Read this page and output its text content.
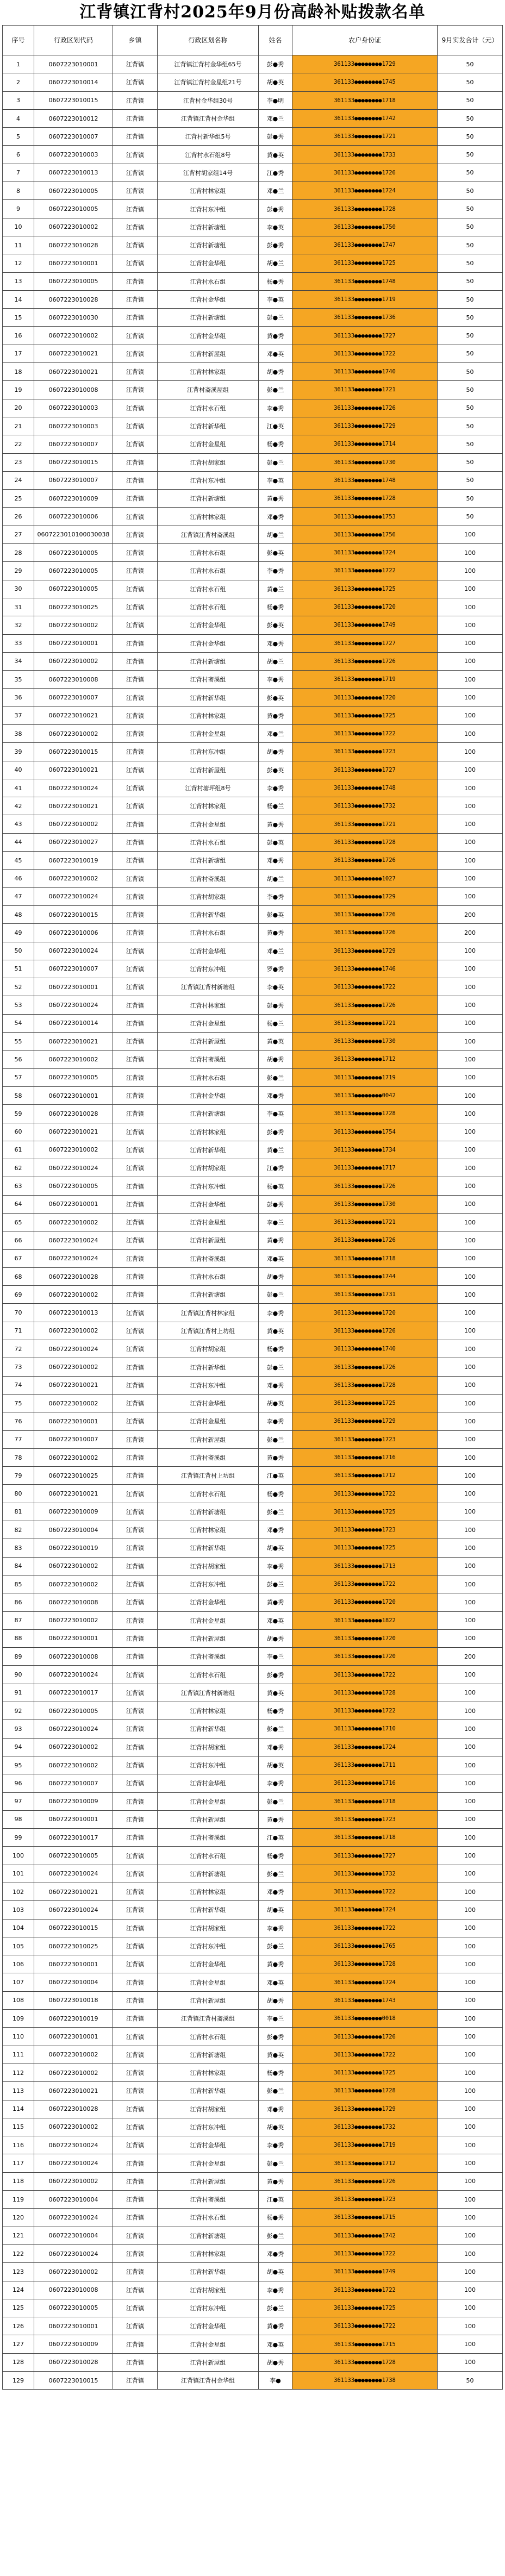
江背镇江背村2025年9月份高龄补贴拨款名单
序号	行政区划代码	乡镇	行政区划名称	姓名	农户身份证	9月实发合计（元）
1	0607223010001	江背镇	江背镇江背村金华组65号	彭●秀	361133●●●●●●●●1729	50
2	0607223010014	江背镇	江背镇江背村金星组21号	胡●英	361133●●●●●●●●1745	50
3	0607223010015	江背镇	江背村金华组30号	李●明	361133●●●●●●●●1718	50
4	0607223010012	江背镇	江背镇江背村金华组	邓●兰	361133●●●●●●●●1742	50
5	0607223010007	江背镇	江背村新华组5号	彭●秀	361133●●●●●●●●1721	50
6	0607223010003	江背镇	江背村水石组8号	黄●英	361133●●●●●●●●1733	50
7	0607223010013	江背镇	江背村胡家组14号	江●秀	361133●●●●●●●●1726	50
8	0607223010005	江背镇	江背村林家组	邓●兰	361133●●●●●●●●1724	50
9	0607223010005	江背镇	江背村东冲组	彭●秀	361133●●●●●●●●1728	50
10	0607223010002	江背镇	江背村新塘组	李●英	361133●●●●●●●●1750	50
11	0607223010028	江背镇	江背村新塘组	彭●秀	361133●●●●●●●●1747	50
12	0607223010001	江背镇	江背村金华组	胡●兰	361133●●●●●●●●1725	50
13	0607223010005	江背镇	江背村水石组	杨●秀	361133●●●●●●●●1748	50
14	0607223010028	江背镇	江背村金华组	李●英	361133●●●●●●●●1719	50
15	0607223010030	江背镇	江背村新塘组	彭●兰	361133●●●●●●●●1736	50
16	0607223010002	江背镇	江背村金华组	黄●秀	361133●●●●●●●●1727	50
17	0607223010021	江背镇	江背村新屋组	邓●英	361133●●●●●●●●1722	50
18	0607223010021	江背镇	江背村林家组	胡●秀	361133●●●●●●●●1740	50
19	0607223010008	江背镇	江背村斋溪屋组	彭●兰	361133●●●●●●●●1721	50
20	0607223010003	江背镇	江背村水石组	李●秀	361133●●●●●●●●1726	50
21	0607223010003	江背镇	江背村新华组	江●英	361133●●●●●●●●1729	50
22	0607223010007	江背镇	江背村金星组	杨●秀	361133●●●●●●●●1714	50
23	0607223010015	江背镇	江背村胡家组	彭●兰	361133●●●●●●●●1730	50
24	0607223010007	江背镇	江背村东冲组	李●英	361133●●●●●●●●1748	50
25	0607223010009	江背镇	江背村新塘组	黄●秀	361133●●●●●●●●1728	50
26	0607223010006	江背镇	江背村林家组	邓●秀	361133●●●●●●●●1753	50
27	0607223010100030038	江背镇	江背镇江背村斋溪组	胡●兰	361133●●●●●●●●1756	100
28	0607223010005	江背镇	江背村水石组	彭●英	361133●●●●●●●●1724	100
29	0607223010005	江背镇	江背村水石组	李●秀	361133●●●●●●●●1722	100
30	0607223010005	江背镇	江背村水石组	黄●兰	361133●●●●●●●●1725	100
31	0607223010025	江背镇	江背村水石组	杨●秀	361133●●●●●●●●1720	100
32	0607223010002	江背镇	江背村金华组	彭●英	361133●●●●●●●●1749	100
33	0607223010001	江背镇	江背村金华组	邓●秀	361133●●●●●●●●1727	100
34	0607223010002	江背镇	江背村新塘组	胡●兰	361133●●●●●●●●1726	100
35	0607223010008	江背镇	江背村斋溪组	李●秀	361133●●●●●●●●1719	100
36	0607223010007	江背镇	江背村新华组	彭●英	361133●●●●●●●●1720	100
37	0607223010021	江背镇	江背村林家组	黄●秀	361133●●●●●●●●1725	100
38	0607223010002	江背镇	江背村金星组	邓●兰	361133●●●●●●●●1722	100
39	0607223010015	江背镇	江背村东冲组	胡●秀	361133●●●●●●●●1723	100
40	0607223010021	江背镇	江背村新屋组	彭●英	361133●●●●●●●●1727	100
41	0607223010024	江背镇	江背村塘坪组8号	李●秀	361133●●●●●●●●1748	100
42	0607223010021	江背镇	江背村林家组	杨●兰	361133●●●●●●●●1732	100
43	0607223010002	江背镇	江背村金星组	黄●秀	361133●●●●●●●●1721	100
44	0607223010027	江背镇	江背村水石组	彭●英	361133●●●●●●●●1728	100
45	0607223010019	江背镇	江背村新塘组	邓●秀	361133●●●●●●●●1726	100
46	0607223010002	江背镇	江背村斋溪组	胡●兰	361133●●●●●●●●1027	100
47	0607223010024	江背镇	江背村胡家组	李●秀	361133●●●●●●●●1729	100
48	0607223010015	江背镇	江背村新华组	彭●英	361133●●●●●●●●1726	200
49	0607223010006	江背镇	江背村水石组	黄●秀	361133●●●●●●●●1726	200
50	0607223010024	江背镇	江背村金华组	邓●兰	361133●●●●●●●●1729	100
51	0607223010007	江背镇	江背村东冲组	罗●秀	361133●●●●●●●●1746	100
52	0607223010001	江背镇	江背镇江背村新塘组	李●英	361133●●●●●●●●1722	100
53	0607223010024	江背镇	江背村林家组	彭●秀	361133●●●●●●●●1726	100
54	0607223010014	江背镇	江背村金星组	杨●兰	361133●●●●●●●●1721	100
55	0607223010021	江背镇	江背村新屋组	黄●英	361133●●●●●●●●1730	100
56	0607223010002	江背镇	江背村斋溪组	胡●秀	361133●●●●●●●●1712	100
57	0607223010005	江背镇	江背村水石组	彭●兰	361133●●●●●●●●1719	100
58	0607223010001	江背镇	江背村金华组	邓●秀	361133●●●●●●●●0042	100
59	0607223010028	江背镇	江背村新塘组	李●英	361133●●●●●●●●1728	100
60	0607223010021	江背镇	江背村林家组	彭●秀	361133●●●●●●●●1754	100
61	0607223010002	江背镇	江背村新华组	黄●兰	361133●●●●●●●●1734	100
62	0607223010024	江背镇	江背村胡家组	江●秀	361133●●●●●●●●1717	100
63	0607223010005	江背镇	江背村东冲组	杨●英	361133●●●●●●●●1726	100
64	0607223010001	江背镇	江背村金华组	彭●秀	361133●●●●●●●●1730	100
65	0607223010002	江背镇	江背村金星组	李●兰	361133●●●●●●●●1721	100
66	0607223010024	江背镇	江背村新屋组	黄●秀	361133●●●●●●●●1726	100
67	0607223010024	江背镇	江背村斋溪组	邓●英	361133●●●●●●●●1718	100
68	0607223010028	江背镇	江背村水石组	胡●秀	361133●●●●●●●●1744	100
69	0607223010002	江背镇	江背村新塘组	彭●兰	361133●●●●●●●●1731	100
70	0607223010013	江背镇	江背镇江背村林家组	李●秀	361133●●●●●●●●1720	100
71	0607223010002	江背镇	江背镇江背村上坊组	黄●英	361133●●●●●●●●1726	100
72	0607223010024	江背镇	江背村胡家组	杨●秀	361133●●●●●●●●1740	100
73	0607223010002	江背镇	江背村新华组	彭●兰	361133●●●●●●●●1726	100
74	0607223010021	江背镇	江背村东冲组	邓●秀	361133●●●●●●●●1728	100
75	0607223010002	江背镇	江背村金华组	胡●英	361133●●●●●●●●1725	100
76	0607223010001	江背镇	江背村金星组	李●秀	361133●●●●●●●●1729	100
77	0607223010007	江背镇	江背村新屋组	彭●兰	361133●●●●●●●●1723	100
78	0607223010002	江背镇	江背村斋溪组	黄●秀	361133●●●●●●●●1716	100
79	0607223010025	江背镇	江背镇江背村上坊组	江●英	361133●●●●●●●●1712	100
80	0607223010021	江背镇	江背村水石组	杨●秀	361133●●●●●●●●1722	100
81	0607223010009	江背镇	江背村新塘组	彭●兰	361133●●●●●●●●1725	100
82	0607223010004	江背镇	江背村林家组	邓●秀	361133●●●●●●●●1723	100
83	0607223010019	江背镇	江背村新华组	胡●英	361133●●●●●●●●1725	100
84	0607223010002	江背镇	江背村胡家组	李●秀	361133●●●●●●●●1713	100
85	0607223010002	江背镇	江背村东冲组	彭●兰	361133●●●●●●●●1722	100
86	0607223010008	江背镇	江背村金华组	黄●秀	361133●●●●●●●●1720	100
87	0607223010002	江背镇	江背村金星组	邓●英	361133●●●●●●●●1822	100
88	0607223010001	江背镇	江背村新屋组	胡●秀	361133●●●●●●●●1720	100
89	0607223010008	江背镇	江背村斋溪组	李●兰	361133●●●●●●●●1720	200
90	0607223010024	江背镇	江背村水石组	彭●秀	361133●●●●●●●●1722	100
91	0607223010017	江背镇	江背镇江背村新塘组	黄●英	361133●●●●●●●●1728	100
92	0607223010005	江背镇	江背村林家组	杨●秀	361133●●●●●●●●1722	100
93	0607223010024	江背镇	江背村新华组	彭●兰	361133●●●●●●●●1710	100
94	0607223010002	江背镇	江背村胡家组	邓●秀	361133●●●●●●●●1724	100
95	0607223010002	江背镇	江背村东冲组	胡●英	361133●●●●●●●●1711	100
96	0607223010007	江背镇	江背村金华组	李●秀	361133●●●●●●●●1716	100
97	0607223010009	江背镇	江背村金星组	彭●兰	361133●●●●●●●●1718	100
98	0607223010001	江背镇	江背村新屋组	黄●秀	361133●●●●●●●●1723	100
99	0607223010017	江背镇	江背村斋溪组	江●英	361133●●●●●●●●1718	100
100	0607223010005	江背镇	江背村水石组	杨●秀	361133●●●●●●●●1727	100
101	0607223010024	江背镇	江背村新塘组	彭●兰	361133●●●●●●●●1732	100
102	0607223010021	江背镇	江背村林家组	邓●秀	361133●●●●●●●●1722	100
103	0607223010024	江背镇	江背村新华组	胡●英	361133●●●●●●●●1724	100
104	0607223010015	江背镇	江背村胡家组	李●秀	361133●●●●●●●●1722	100
105	0607223010025	江背镇	江背村东冲组	彭●兰	361133●●●●●●●●1765	100
106	0607223010001	江背镇	江背村金华组	黄●秀	361133●●●●●●●●1728	100
107	0607223010004	江背镇	江背村金星组	邓●英	361133●●●●●●●●1724	100
108	0607223010018	江背镇	江背村新屋组	胡●秀	361133●●●●●●●●1743	100
109	0607223010019	江背镇	江背镇江背村斋溪组	李●兰	361133●●●●●●●●0018	100
110	0607223010001	江背镇	江背村水石组	彭●秀	361133●●●●●●●●1726	100
111	0607223010002	江背镇	江背村新塘组	黄●英	361133●●●●●●●●1722	100
112	0607223010002	江背镇	江背村林家组	杨●秀	361133●●●●●●●●1725	100
113	0607223010021	江背镇	江背村新华组	彭●兰	361133●●●●●●●●1728	100
114	0607223010028	江背镇	江背村胡家组	邓●秀	361133●●●●●●●●1729	100
115	0607223010002	江背镇	江背村东冲组	胡●英	361133●●●●●●●●1732	100
116	0607223010024	江背镇	江背村金华组	李●秀	361133●●●●●●●●1719	100
117	0607223010024	江背镇	江背村金星组	彭●兰	361133●●●●●●●●1712	100
118	0607223010002	江背镇	江背村新屋组	黄●秀	361133●●●●●●●●1726	100
119	0607223010004	江背镇	江背村斋溪组	江●英	361133●●●●●●●●1723	100
120	0607223010024	江背镇	江背村水石组	杨●秀	361133●●●●●●●●1715	100
121	0607223010004	江背镇	江背村新塘组	彭●兰	361133●●●●●●●●1742	100
122	0607223010024	江背镇	江背村林家组	邓●秀	361133●●●●●●●●1722	100
123	0607223010002	江背镇	江背村新华组	胡●英	361133●●●●●●●●1749	100
124	0607223010008	江背镇	江背村胡家组	李●秀	361133●●●●●●●●1722	100
125	0607223010005	江背镇	江背村东冲组	彭●兰	361133●●●●●●●●1725	100
126	0607223010001	江背镇	江背村金华组	黄●秀	361133●●●●●●●●1722	100
127	0607223010009	江背镇	江背村金星组	邓●英	361133●●●●●●●●1715	100
128	0607223010028	江背镇	江背村新屋组	胡●秀	361133●●●●●●●●1728	100
129	0607223010015	江背镇	江背镇江背村金华组	李●	361133●●●●●●●●1738	50
